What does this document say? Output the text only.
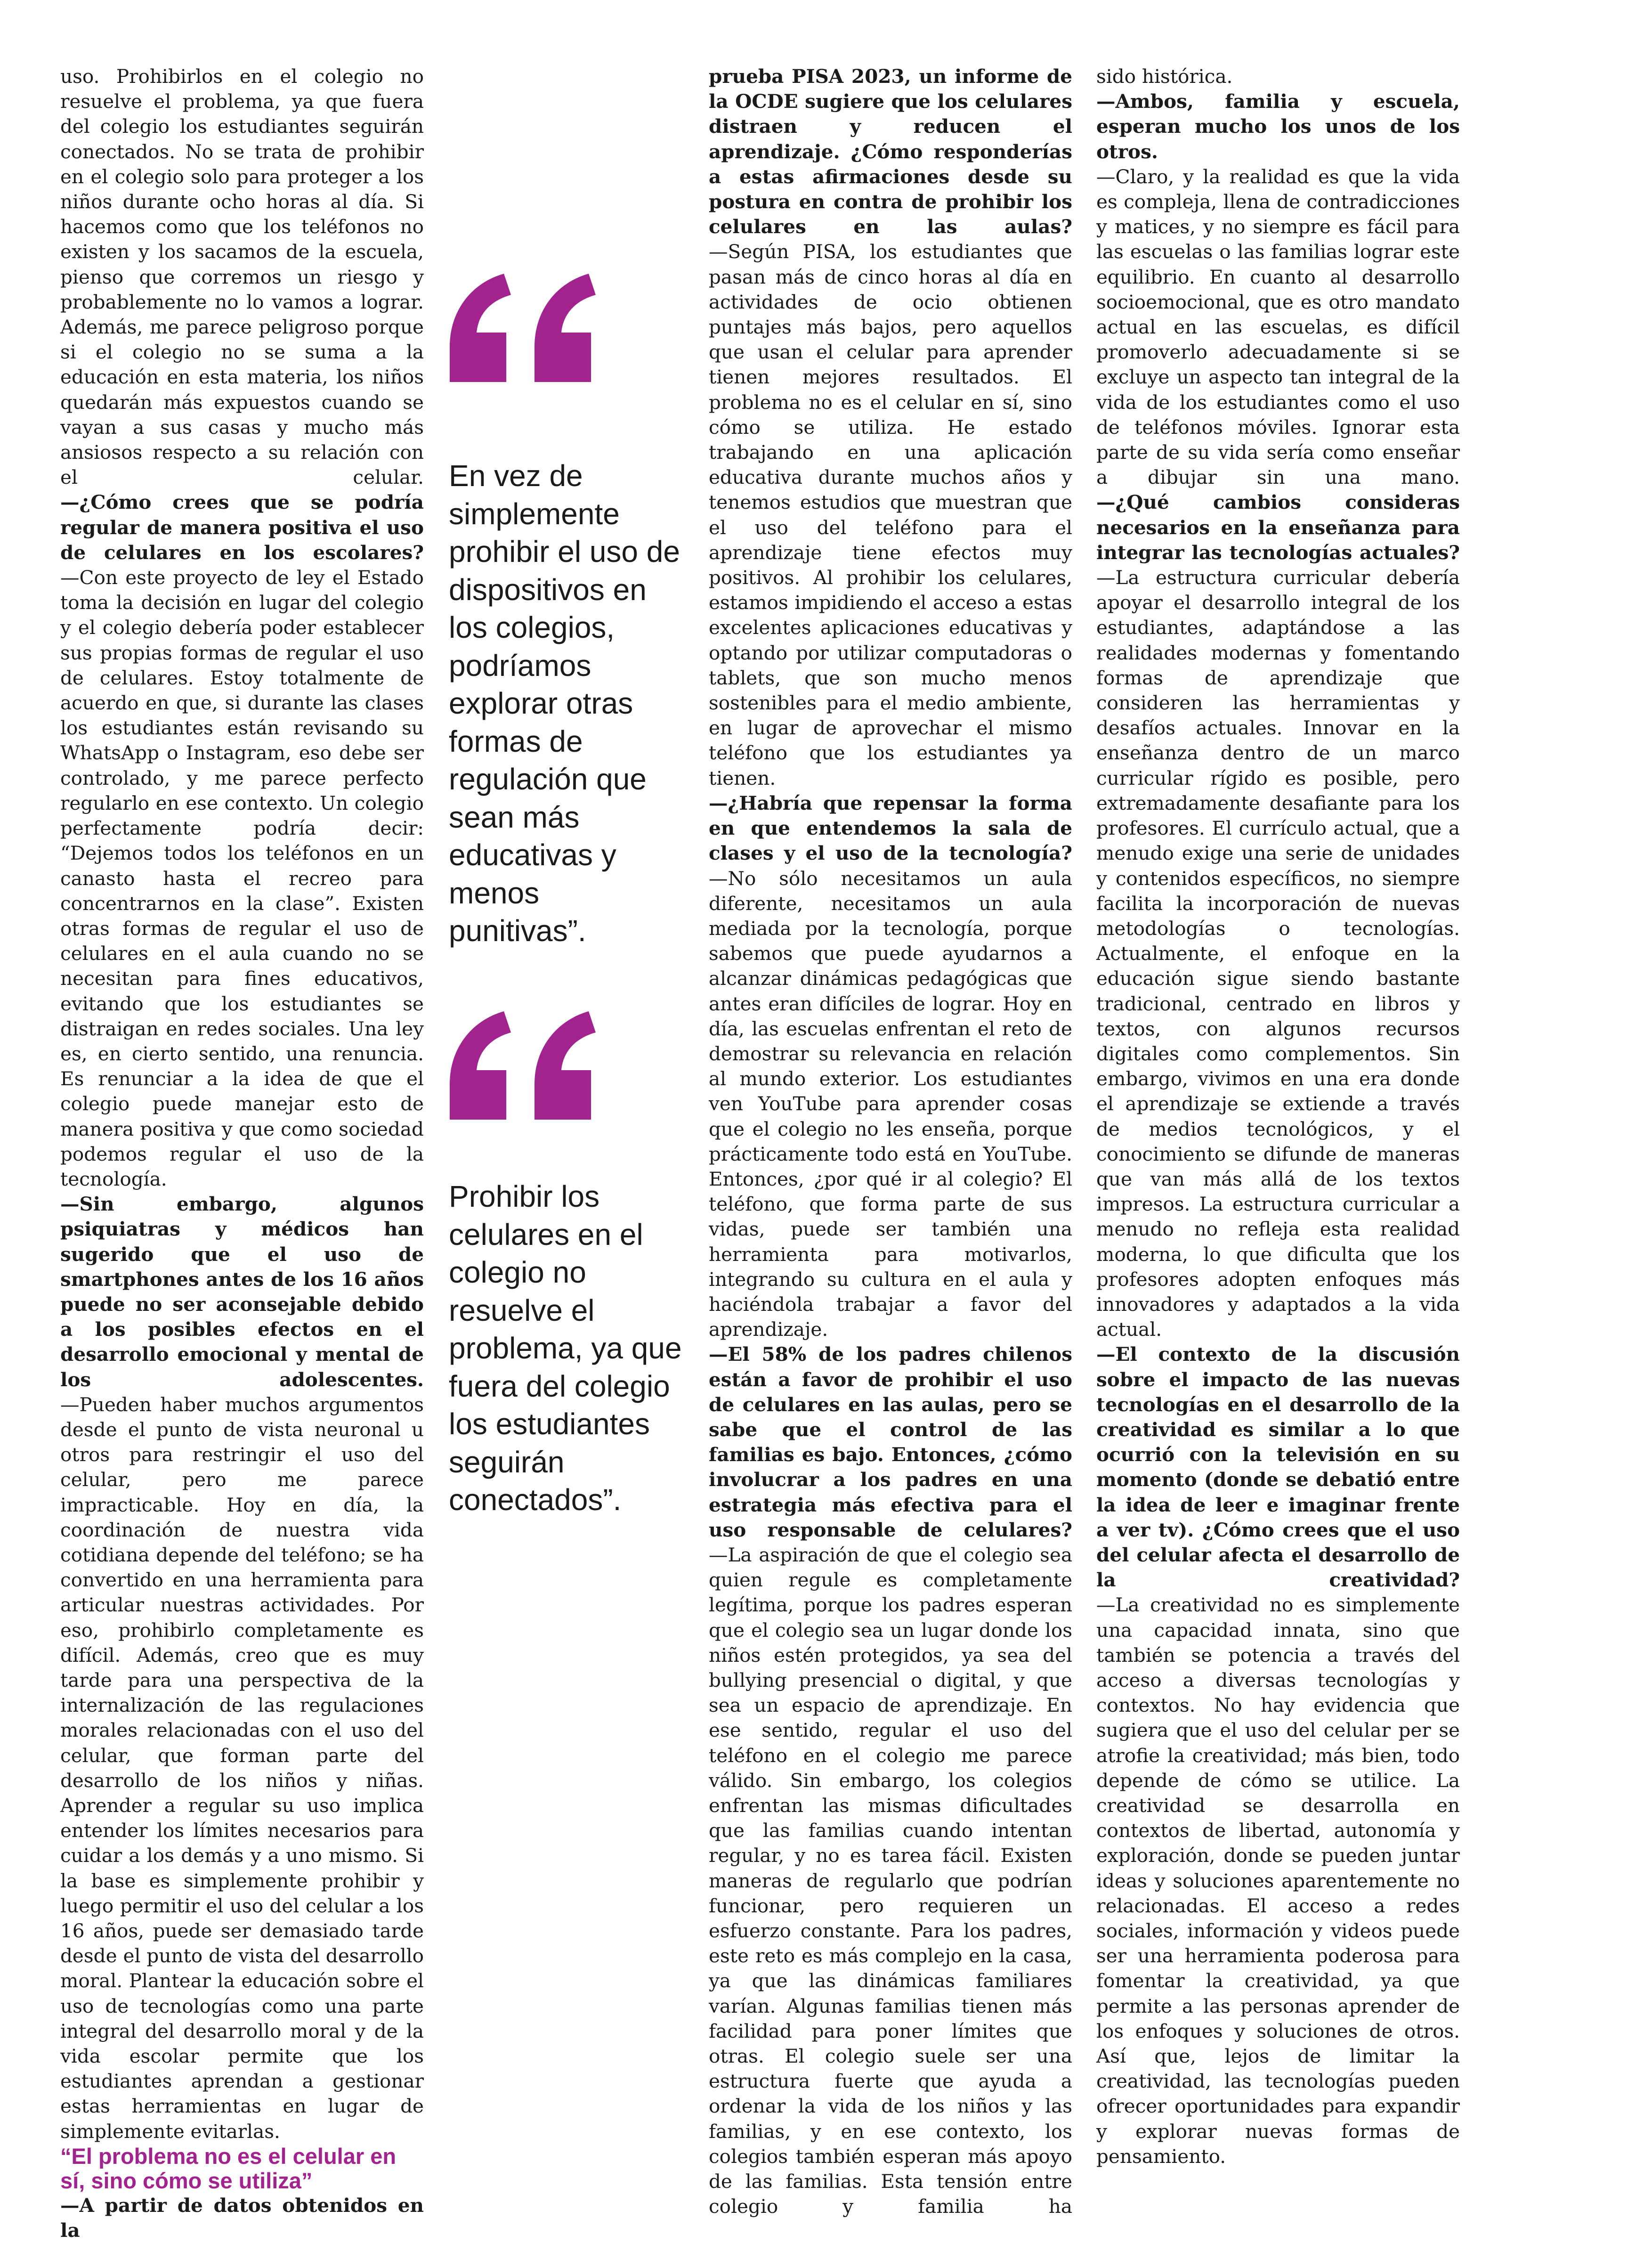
uso. Prohibirlos en el colegio no resuelve el problema, ya que fuera del colegio los estudiantes seguirán conectados. No se trata de prohibir en el colegio solo para proteger a los niños durante ocho horas al día. Si hacemos como que los teléfonos no existen y los sacamos de la escuela, pienso que corremos un riesgo y probablemente no lo vamos a lograr. Además, me parece peligroso porque si el colegio no se suma a la educación en esta materia, los niños quedarán más expuestos cuando se vayan a sus casas y mucho más ansiosos respecto a su relación con el celular.

—¿Cómo crees que se podría regular de manera positiva el uso de celulares en los escolares?

—Con este proyecto de ley el Estado toma la decisión en lugar del colegio y el colegio debería poder establecer sus propias formas de regular el uso de celulares. Estoy totalmente de acuerdo en que, si durante las clases los estudiantes están revisando su WhatsApp o Instagram, eso debe ser controlado, y me parece perfecto regularlo en ese contexto. Un colegio perfectamente podría decir: “Dejemos todos los teléfonos en un canasto hasta el recreo para concentrarnos en la clase”. Existen otras formas de regular el uso de celulares en el aula cuando no se necesitan para fines educativos, evitando que los estudiantes se distraigan en redes sociales. Una ley es, en cierto sentido, una renuncia. Es renunciar a la idea de que el colegio puede manejar esto de manera positiva y que como sociedad podemos regular el uso de la tecnología.

—Sin embargo, algunos psiquiatras y médicos han sugerido que el uso de smartphones antes de los 16 años puede no ser aconsejable debido a los posibles efectos en el desarrollo emocional y mental de los adolescentes.

—Pueden haber muchos argumentos desde el punto de vista neuronal u otros para restringir el uso del celular, pero me parece impracticable. Hoy en día, la coordinación de nuestra vida cotidiana depende del teléfono; se ha convertido en una herramienta para articular nuestras actividades. Por eso, prohibirlo completamente es difícil. Además, creo que es muy tarde para una perspectiva de la internalización de las regulaciones morales relacionadas con el uso del celular, que forman parte del desarrollo de los niños y niñas. Aprender a regular su uso implica entender los límites necesarios para cuidar a los demás y a uno mismo. Si la base es simplemente prohibir y luego permitir el uso del celular a los 16 años, puede ser demasiado tarde desde el punto de vista del desarrollo moral. Plantear la educación sobre el uso de tecnologías como una parte integral del desarrollo moral y de la vida escolar permite que los estudiantes aprendan a gestionar estas herramientas en lugar de simplemente evitarlas.

“El problema no es el celular en sí, sino cómo se utiliza”

—A partir de datos obtenidos en la

En vez de simplemente prohibir el uso de dispositivos en los colegios, podríamos explorar otras formas de regulación que sean más educativas y menos punitivas”.
Prohibir los celulares en el colegio no resuelve el problema, ya que fuera del colegio los estudiantes seguirán conectados”.

prueba PISA 2023, un informe de la OCDE sugiere que los celulares distraen y reducen el aprendizaje. ¿Cómo responderías a estas afirmaciones desde su postura en contra de prohibir los celulares en las aulas?

—Según PISA, los estudiantes que pasan más de cinco horas al día en actividades de ocio obtienen puntajes más bajos, pero aquellos que usan el celular para aprender tienen mejores resultados. El problema no es el celular en sí, sino cómo se utiliza. He estado trabajando en una aplicación educativa durante muchos años y tenemos estudios que muestran que el uso del teléfono para el aprendizaje tiene efectos muy positivos. Al prohibir los celulares, estamos impidiendo el acceso a estas excelentes aplicaciones educativas y optando por utilizar computadoras o tablets, que son mucho menos sostenibles para el medio ambiente, en lugar de aprovechar el mismo teléfono que los estudiantes ya tienen.

—¿Habría que repensar la forma en que entendemos la sala de clases y el uso de la tecnología?

—No sólo necesitamos un aula diferente, necesitamos un aula mediada por la tecnología, porque sabemos que puede ayudarnos a alcanzar dinámicas pedagógicas que antes eran difíciles de lograr. Hoy en día, las escuelas enfrentan el reto de demostrar su relevancia en relación al mundo exterior. Los estudiantes ven YouTube para aprender cosas que el colegio no les enseña, porque prácticamente todo está en YouTube. Entonces, ¿por qué ir al colegio? El teléfono, que forma parte de sus vidas, puede ser también una herramienta para motivarlos, integrando su cultura en el aula y haciéndola trabajar a favor del aprendizaje.

—El 58% de los padres chilenos están a favor de prohibir el uso de celulares en las aulas, pero se sabe que el control de las familias es bajo. Entonces, ¿cómo involucrar a los padres en una estrategia más efectiva para el uso responsable de celulares?

—La aspiración de que el colegio sea quien regule es completamente legítima, porque los padres esperan que el colegio sea un lugar donde los niños estén protegidos, ya sea del bullying presencial o digital, y que sea un espacio de aprendizaje. En ese sentido, regular el uso del teléfono en el colegio me parece válido. Sin embargo, los colegios enfrentan las mismas dificultades que las familias cuando intentan regular, y no es tarea fácil. Existen maneras de regularlo que podrían funcionar, pero requieren un esfuerzo constante. Para los padres, este reto es más complejo en la casa, ya que las dinámicas familiares varían. Algunas familias tienen más facilidad para poner límites que otras. El colegio suele ser una estructura fuerte que ayuda a ordenar la vida de los niños y las familias, y en ese contexto, los colegios también esperan más apoyo de las familias. Esta tensión entre colegio y familia ha

sido histórica.

—Ambos, familia y escuela, esperan mucho los unos de los otros.

—Claro, y la realidad es que la vida es compleja, llena de contradicciones y matices, y no siempre es fácil para las escuelas o las familias lograr este equilibrio. En cuanto al desarrollo socioemocional, que es otro mandato actual en las escuelas, es difícil promoverlo adecuadamente si se excluye un aspecto tan integral de la vida de los estudiantes como el uso de teléfonos móviles. Ignorar esta parte de su vida sería como enseñar a dibujar sin una mano.

—¿Qué cambios consideras necesarios en la enseñanza para integrar las tecnologías actuales?

—La estructura curricular debería apoyar el desarrollo integral de los estudiantes, adaptándose a las realidades modernas y fomentando formas de aprendizaje que consideren las herramientas y desafíos actuales. Innovar en la enseñanza dentro de un marco curricular rígido es posible, pero extremadamente desafiante para los profesores. El currículo actual, que a menudo exige una serie de unidades y contenidos específicos, no siempre facilita la incorporación de nuevas metodologías o tecnologías. Actualmente, el enfoque en la educación sigue siendo bastante tradicional, centrado en libros y textos, con algunos recursos digitales como complementos. Sin embargo, vivimos en una era donde el aprendizaje se extiende a través de medios tecnológicos, y el conocimiento se difunde de maneras que van más allá de los textos impresos. La estructura curricular a menudo no refleja esta realidad moderna, lo que dificulta que los profesores adopten enfoques más innovadores y adaptados a la vida actual.

—El contexto de la discusión sobre el impacto de las nuevas tecnologías en el desarrollo de la creatividad es similar a lo que ocurrió con la televisión en su momento (donde se debatió entre la idea de leer e imaginar frente a ver tv). ¿Cómo crees que el uso del celular afecta el desarrollo de la creatividad?

—La creatividad no es simplemente una capacidad innata, sino que también se potencia a través del acceso a diversas tecnologías y contextos. No hay evidencia que sugiera que el uso del celular per se atrofie la creatividad; más bien, todo depende de cómo se utilice. La creatividad se desarrolla en contextos de libertad, autonomía y exploración, donde se pueden juntar ideas y soluciones aparentemente no relacionadas. El acceso a redes sociales, información y videos puede ser una herramienta poderosa para fomentar la creatividad, ya que permite a las personas aprender de los enfoques y soluciones de otros. Así que, lejos de limitar la creatividad, las tecnologías pueden ofrecer oportunidades para expandir y explorar nuevas formas de pensamiento.
